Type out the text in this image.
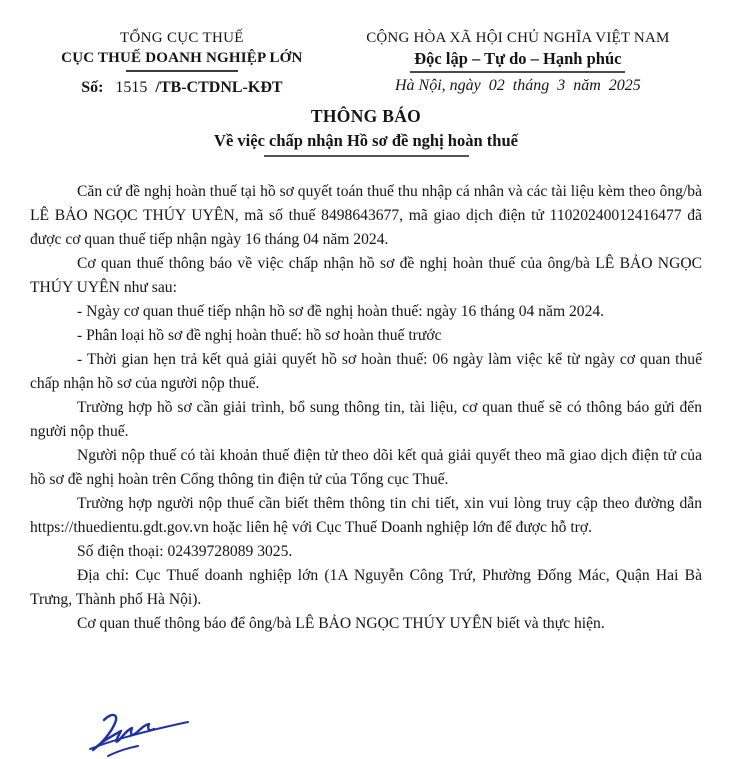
TỔNG CỤC THUẾ
CỤC THUẾ DOANH NGHIỆP LỚN
Số: 1515 /TB-CTDNL-KĐT
CỘNG HÒA XÃ HỘI CHỦ NGHĨA VIỆT NAM
Độc lập – Tự do – Hạnh phúc
Hà Nội, ngày 02 tháng 3 năm 2025
THÔNG BÁO
Về việc chấp nhận Hồ sơ đề nghị hoàn thuế

Căn cứ đề nghị hoàn thuế tại hồ sơ quyết toán thuế thu nhập cá nhân và các tài liệu kèm theo ông/bà LÊ BẢO NGỌC THÚY UYÊN, mã số thuế 8498643677, mã giao dịch điện tử 11020240012416477 đã được cơ quan thuế tiếp nhận ngày 16 tháng 04 năm 2024.

Cơ quan thuế thông báo về việc chấp nhận hồ sơ đề nghị hoàn thuế của ông/bà LÊ BẢO NGỌC THÚY UYÊN như sau:

- Ngày cơ quan thuế tiếp nhận hồ sơ đề nghị hoàn thuế: ngày 16 tháng 04 năm 2024.

- Phân loại hồ sơ đề nghị hoàn thuế: hồ sơ hoàn thuế trước

- Thời gian hẹn trả kết quả giải quyết hồ sơ hoàn thuế: 06 ngày làm việc kể từ ngày cơ quan thuế chấp nhận hồ sơ của người nộp thuế.

Trường hợp hồ sơ cần giải trình, bổ sung thông tin, tài liệu, cơ quan thuế sẽ có thông báo gửi đến người nộp thuế.

Người nộp thuế có tài khoản thuế điện tử theo dõi kết quả giải quyết theo mã giao dịch điện tử của hồ sơ đề nghị hoàn trên Cổng thông tin điện tử của Tổng cục Thuế.

Trường hợp người nộp thuế cần biết thêm thông tin chi tiết, xin vui lòng truy cập theo đường dẫn https://thuedientu.gdt.gov.vn hoặc liên hệ với Cục Thuế Doanh nghiệp lớn để được hỗ trợ.

Số điện thoại: 02439728089 3025.

Địa chỉ: Cục Thuế doanh nghiệp lớn (1A Nguyễn Công Trứ, Phường Đống Mác, Quận Hai Bà Trưng, Thành phố Hà Nội).

Cơ quan thuế thông báo để ông/bà LÊ BẢO NGỌC THÚY UYÊN biết và thực hiện.
